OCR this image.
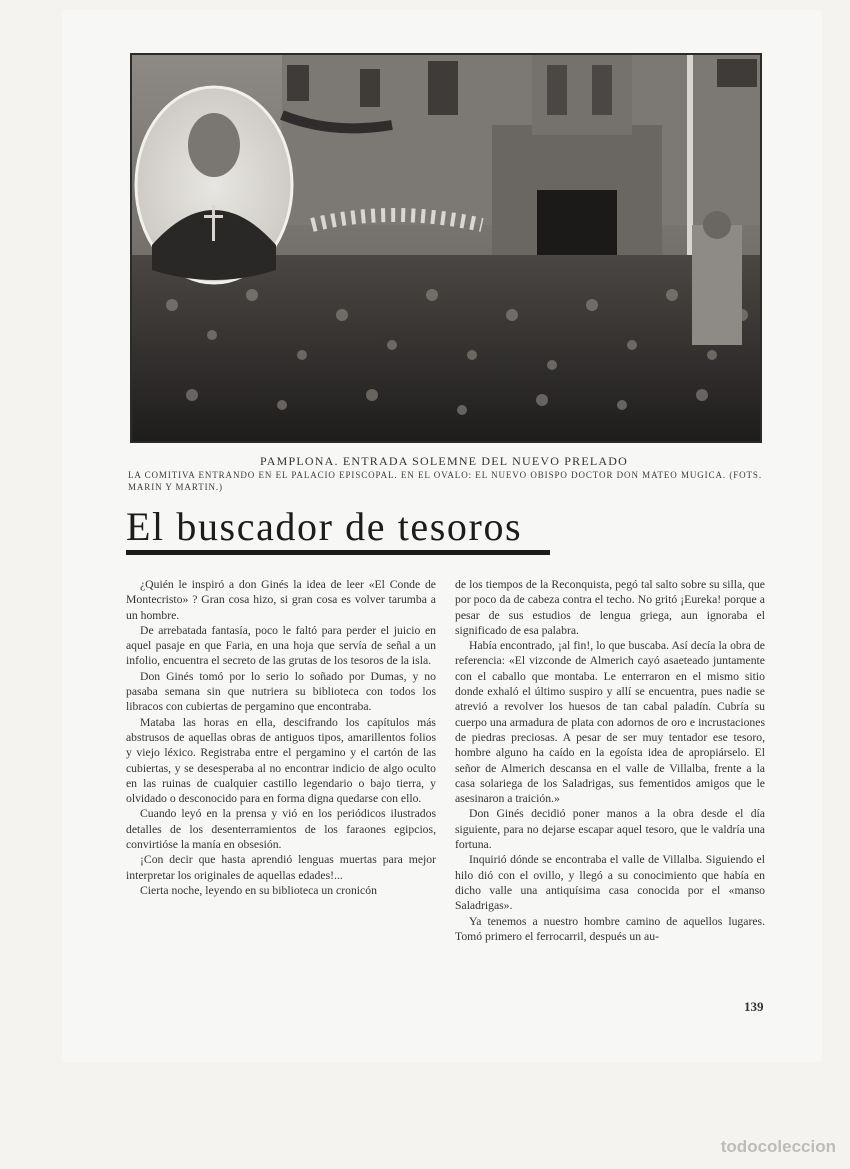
PAMPLONA. ENTRADA SOLEMNE DEL NUEVO PRELADO
LA COMITIVA ENTRANDO EN EL PALACIO EPISCOPAL. EN EL OVALO: EL NUEVO OBISPO DOCTOR DON MATEO MUGICA. (FOTS. MARIN Y MARTIN.)
El buscador de tesoros

¿Quién le inspiró a don Ginés la idea de leer «El Conde de Montecristo» ? Gran cosa hizo, si gran cosa es volver tarumba a un hombre.

De arrebatada fantasía, poco le faltó para perder el juicio en aquel pasaje en que Faria, en una hoja que servía de señal a un infolio, encuentra el secreto de las grutas de los tesoros de la isla.

Don Ginés tomó por lo serio lo soñado por Dumas, y no pasaba semana sin que nutriera su biblioteca con todos los libracos con cubiertas de pergamino que encontraba.

Mataba las horas en ella, descifrando los capítulos más abstrusos de aquellas obras de antiguos tipos, amarillentos folios y viejo léxico. Registraba entre el pergamino y el cartón de las cubiertas, y se desesperaba al no encontrar indicio de algo oculto en las ruinas de cualquier castillo legendario o bajo tierra, y olvidado o desconocido para en forma digna quedarse con ello.

Cuando leyó en la prensa y vió en los periódicos ilustrados detalles de los desenterramientos de los faraones egipcios, convirtióse la manía en obsesión.

¡Con decir que hasta aprendió lenguas muertas para mejor interpretar los originales de aquellas edades!...

Cierta noche, leyendo en su biblioteca un cronicón

de los tiempos de la Reconquista, pegó tal salto sobre su silla, que por poco da de cabeza contra el techo. No gritó ¡Eureka! porque a pesar de sus estudios de lengua griega, aun ignoraba el significado de esa palabra.

Había encontrado, ¡al fin!, lo que buscaba. Así decía la obra de referencia: «El vizconde de Almerich cayó asaeteado juntamente con el caballo que montaba. Le enterraron en el mismo sitio donde exhaló el último suspiro y allí se encuentra, pues nadie se atrevió a revolver los huesos de tan cabal paladín. Cubría su cuerpo una armadura de plata con adornos de oro e incrustaciones de piedras preciosas. A pesar de ser muy tentador ese tesoro, hombre alguno ha caído en la egoísta idea de apropiárselo. El señor de Almerich descansa en el valle de Villalba, frente a la casa solariega de los Saladrigas, sus fementidos amigos que le asesinaron a traición.»

Don Ginés decidió poner manos a la obra desde el día siguiente, para no dejarse escapar aquel tesoro, que le valdría una fortuna.

Inquirió dónde se encontraba el valle de Villalba. Siguiendo el hilo dió con el ovillo, y llegó a su conocimiento que había en dicho valle una antiquísima casa conocida por el «manso Saladrigas».

Ya tenemos a nuestro hombre camino de aquellos lugares. Tomó primero el ferrocarril, después un au-

139
todocoleccion
